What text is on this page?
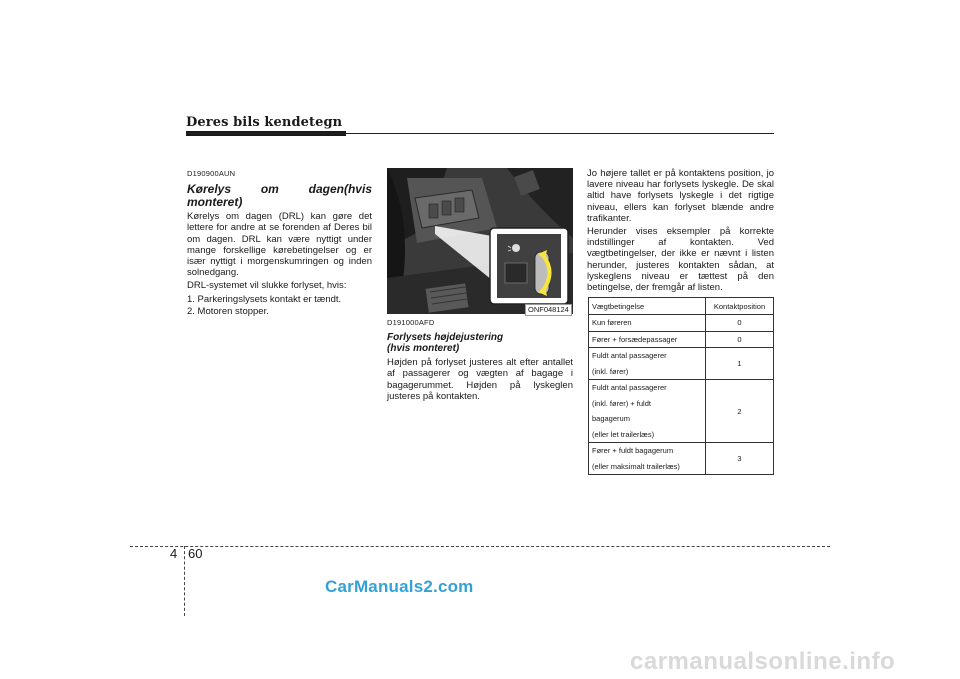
Deres bils kendetegn
D190900AUN
Kørelys om dagen(hvis monteret)
Kørelys om dagen (DRL) kan gøre det lettere for andre at se forenden af Deres bil om dagen. DRL kan være nyttigt under mange forskellige kørebetingelser og er især nyttigt i morgenskumringen og inden solnedgang.
DRL-systemet vil slukke forlyset, hvis:
1. Parkeringslysets kontakt er tændt.
2. Motoren stopper.	ONF048124
D191000AFD
Forlysets højdejustering
(hvis monteret)
Højden på forlyset justeres alt efter antallet af passagerer og vægten af bagage i bagagerummet. Højden på lyskeglen justeres på kontakten.
Jo højere tallet er på kontaktens position, jo lavere niveau har forlysets lyskegle. De skal altid have forlysets lyskegle i det rigtige niveau, ellers kan forlyset blænde andre trafikanter.
Herunder vises eksempler på korrekte indstillinger af kontakten. Ved vægtbetingelser, der ikke er nævnt i listen herunder, justeres kontakten sådan, at lyskeglens niveau er tættest på den betingelse, der fremgår af listen.
Vægtbetingelse	Kontaktposition

Kun føreren	0

Fører + forsædepassager	0

Fuldt antal passagerer
(inkl. fører)	1

Fuldt antal passagerer
(inkl. fører) + fuldt
bagagerum
(eller let trailerlæs)	2

Fører + fuldt bagagerum
(eller maksimalt trailerlæs)	3
4 60
CarManuals2.com
carmanualsonline.info
